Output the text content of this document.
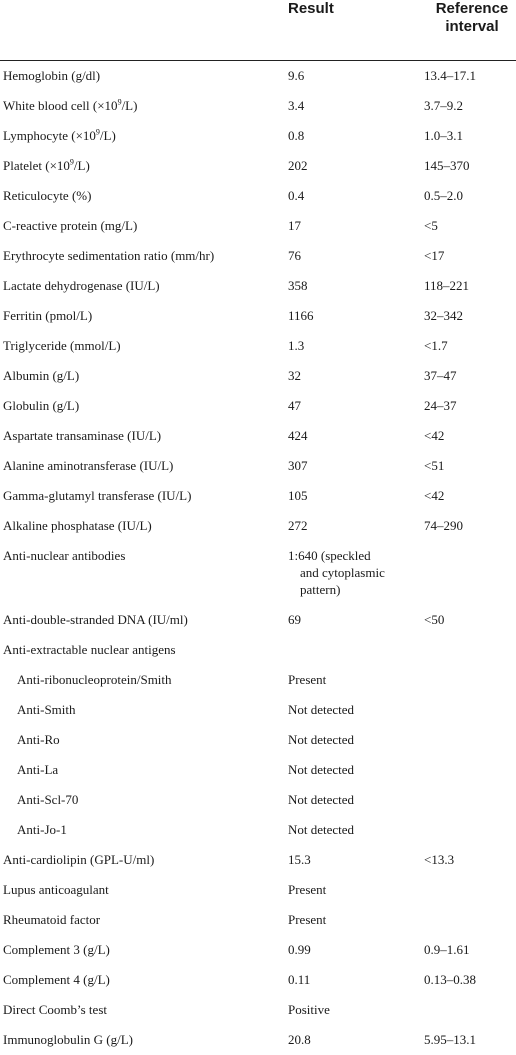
Result	Reference interval
Hemoglobin (g/dl)	9.6	13.4–17.1
White blood cell $(\times 10^9/L)$	3.4	3.7–9.2
Lymphocyte $(\times 10^9/L)$	0.8	1.0–3.1
Platelet $(\times 10^9/L)$	202	145–370
Reticulocyte (%)	0.4	0.5–2.0
C-reactive protein (mg/L)	17	<5
Erythrocyte sedimentation ratio (mm/hr)	76	<17
Lactate dehydrogenase (IU/L)	358	118–221
Ferritin (pmol/L)	1166	32–342
Triglyceride (mmol/L)	1.3	<1.7
Albumin (g/L)	32	37–47
Globulin (g/L)	47	24–37
Aspartate transaminase (IU/L)	424	<42
Alanine aminotransferase (IU/L)	307	<51
Gamma-glutamyl transferase (IU/L)	105	<42
Alkaline phosphatase (IU/L)	272	74–290
Anti-nuclear antibodies	1:640 (speckled
and cytoplasmic
pattern)
Anti-double-stranded DNA (IU/ml)	69	<50
Anti-extractable nuclear antigens
Anti-ribonucleoprotein/Smith	Present
Anti-Smith	Not detected
Anti-Ro	Not detected
Anti-La	Not detected
Anti-Scl-70	Not detected
Anti-Jo-1	Not detected
Anti-cardiolipin (GPL-U/ml)	15.3	<13.3
Lupus anticoagulant	Present
Rheumatoid factor	Present
Complement 3 (g/L)	0.99	0.9–1.61
Complement 4 (g/L)	0.11	0.13–0.38
Direct Coomb’s test	Positive
Immunoglobulin G (g/L)	20.8	5.95–13.1
